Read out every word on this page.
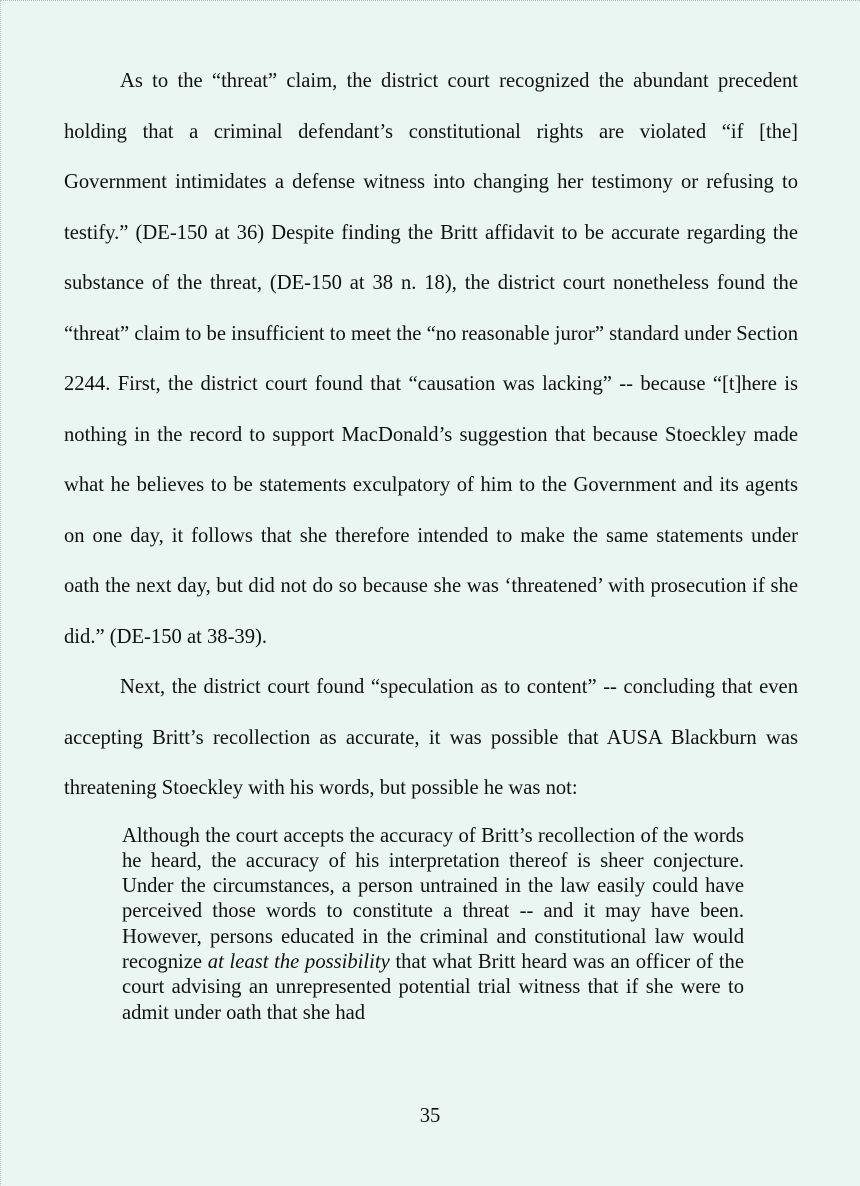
As to the “threat” claim, the district court recognized the abundant precedent holding that a criminal defendant’s constitutional rights are violated “if [the] Government intimidates a defense witness into changing her testimony or refusing to testify.” (DE-150 at 36) Despite finding the Britt affidavit to be accurate regarding the substance of the threat, (DE-150 at 38 n. 18), the district court nonetheless found the “threat” claim to be insufficient to meet the “no reasonable juror” standard under Section 2244. First, the district court found that “causation was lacking” -- because “[t]here is nothing in the record to support MacDonald’s suggestion that because Stoeckley made what he believes to be statements exculpatory of him to the Government and its agents on one day, it follows that she therefore intended to make the same statements under oath the next day, but did not do so because she was ‘threatened’ with prosecution if she did.” (DE-150 at 38-39).

Next, the district court found “speculation as to content” -- concluding that even accepting Britt’s recollection as accurate, it was possible that AUSA Blackburn was threatening Stoeckley with his words, but possible he was not:

Although the court accepts the accuracy of Britt’s recollection of the words he heard, the accuracy of his interpretation thereof is sheer conjecture. Under the circumstances, a person untrained in the law easily could have perceived those words to constitute a threat -- and it may have been. However, persons educated in the criminal and constitutional law would recognize at least the possibility that what Britt heard was an officer of the court advising an unrepresented potential trial witness that if she were to admit under oath that she had
35
